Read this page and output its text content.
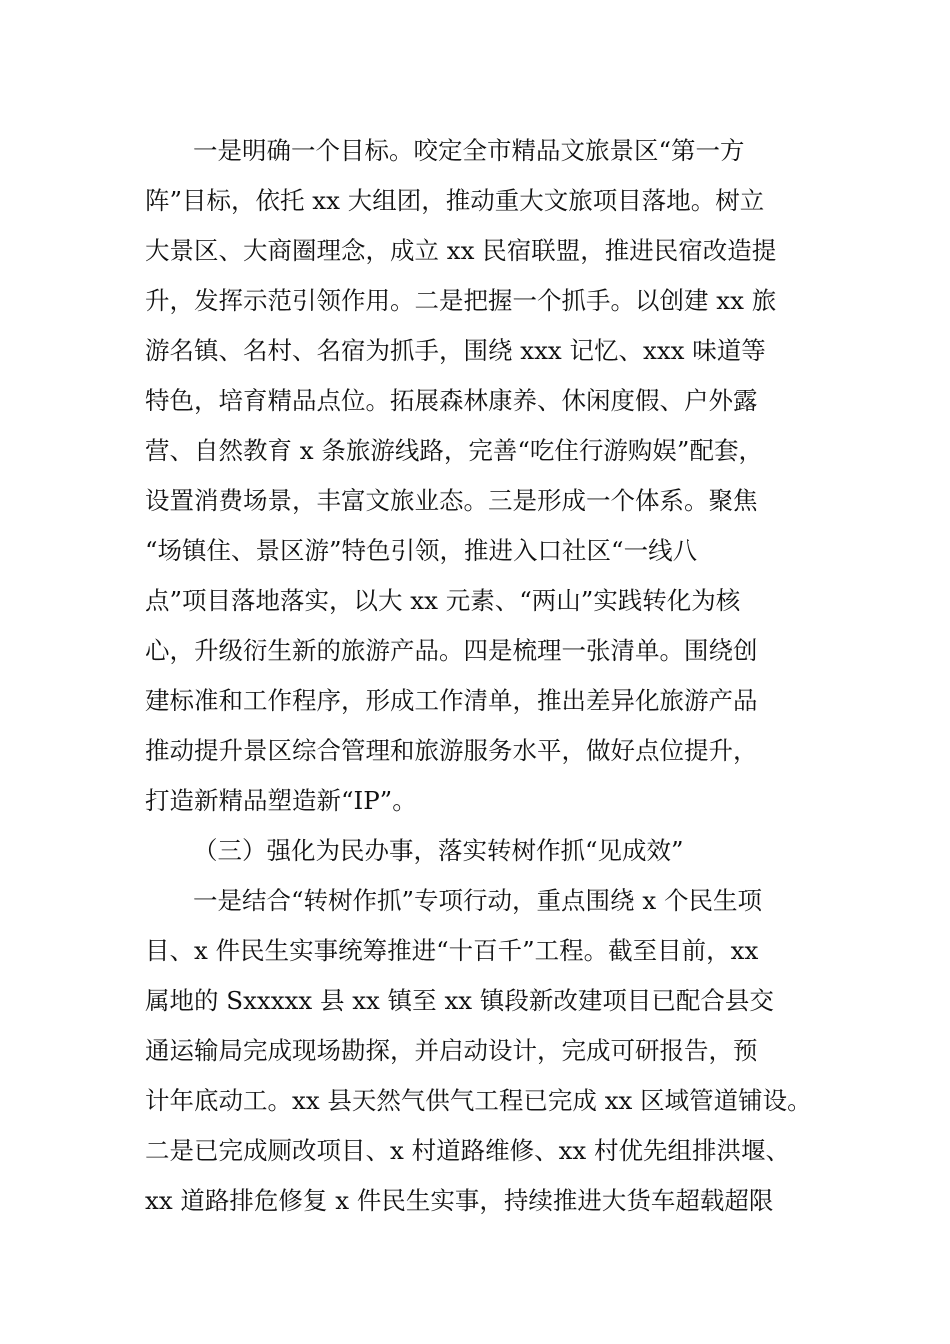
一是明确一个目标。咬定全市精品文旅景区“第一方
阵”目标，依托 xx 大组团，推动重大文旅项目落地。树立
大景区、大商圈理念，成立 xx 民宿联盟，推进民宿改造提
升，发挥示范引领作用。二是把握一个抓手。以创建 xx 旅
游名镇、名村、名宿为抓手，围绕 xxx 记忆、xxx 味道等
特色，培育精品点位。拓展森林康养、休闲度假、户外露
营、自然教育 x 条旅游线路，完善“吃住行游购娱”配套，
设置消费场景，丰富文旅业态。三是形成一个体系。聚焦
“场镇住、景区游”特色引领，推进入口社区“一线八
点”项目落地落实，以大 xx 元素、“两山”实践转化为核
心，升级衍生新的旅游产品。四是梳理一张清单。围绕创
建标准和工作程序，形成工作清单，推出差异化旅游产品
推动提升景区综合管理和旅游服务水平，做好点位提升，
打造新精品塑造新“IP”。
（三）强化为民办事，落实转树作抓“见成效”
一是结合“转树作抓”专项行动，重点围绕 x 个民生项
目、x 件民生实事统筹推进“十百千”工程。截至目前，xx
属地的 Sxxxxx 县 xx 镇至 xx 镇段新改建项目已配合县交
通运输局完成现场勘探，并启动设计，完成可研报告，预
计年底动工。xx 县天然气供气工程已完成 xx 区域管道铺设。
二是已完成厕改项目、x 村道路维修、xx 村优先组排洪堰、
xx 道路排危修复 x 件民生实事，持续推进大货车超载超限
